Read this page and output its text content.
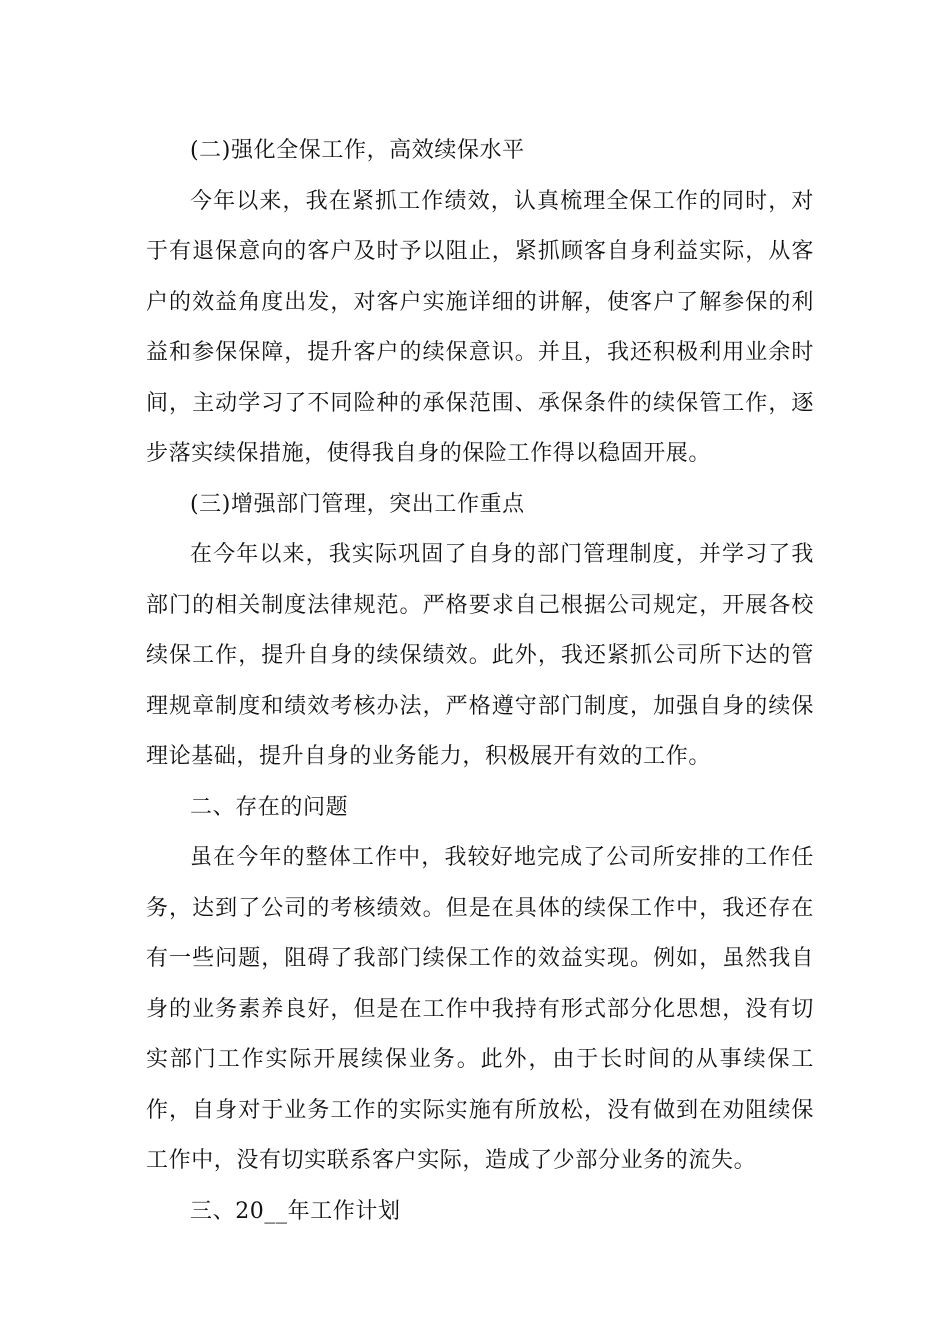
(二)强化全保工作，高效续保水平

今年以来，我在紧抓工作绩效，认真梳理全保工作的同时，对于有退保意向的客户及时予以阻止，紧抓顾客自身利益实际，从客户的效益角度出发，对客户实施详细的讲解，使客户了解参保的利益和参保保障，提升客户的续保意识。并且，我还积极利用业余时间，主动学习了不同险种的承保范围、承保条件的续保管工作，逐步落实续保措施，使得我自身的保险工作得以稳固开展。

(三)增强部门管理，突出工作重点

在今年以来，我实际巩固了自身的部门管理制度，并学习了我部门的相关制度法律规范。严格要求自己根据公司规定，开展各校续保工作，提升自身的续保绩效。此外，我还紧抓公司所下达的管理规章制度和绩效考核办法，严格遵守部门制度，加强自身的续保理论基础，提升自身的业务能力，积极展开有效的工作。

二、存在的问题

虽在今年的整体工作中，我较好地完成了公司所安排的工作任务，达到了公司的考核绩效。但是在具体的续保工作中，我还存在有一些问题，阻碍了我部门续保工作的效益实现。例如，虽然我自身的业务素养良好，但是在工作中我持有形式部分化思想，没有切实部门工作实际开展续保业务。此外，由于长时间的从事续保工作，自身对于业务工作的实际实施有所放松，没有做到在劝阻续保工作中，没有切实联系客户实际，造成了少部分业务的流失。

三、20__年工作计划
